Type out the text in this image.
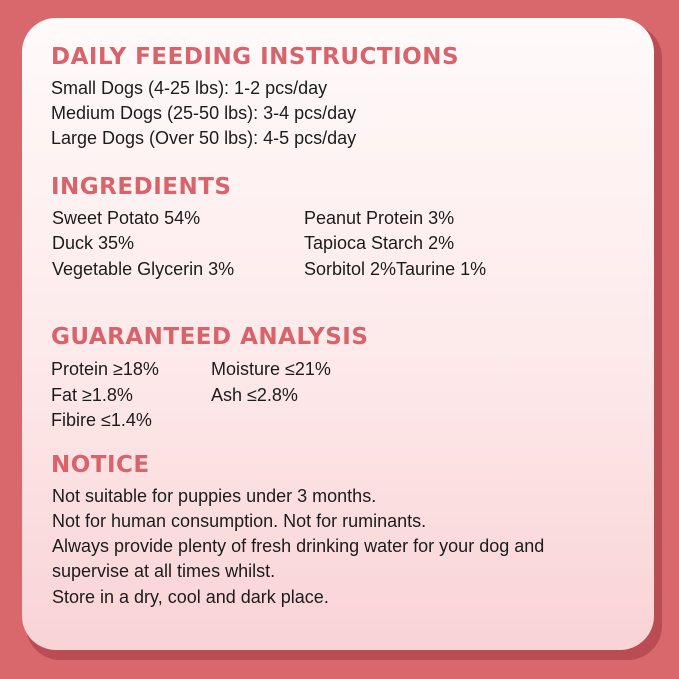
DAILY FEEDING INSTRUCTIONS

Small Dogs (4-25 lbs): 1-2 pcs/day

Medium Dogs (25-50 lbs): 3-4 pcs/day

Large Dogs (Over 50 lbs): 4-5 pcs/day

INGREDIENTS

Sweet Potato 54%

Duck 35%

Vegetable Glycerin 3%

Peanut Protein 3%

Tapioca Starch 2%

Sorbitol 2%Taurine 1%

GUARANTEED ANALYSIS

Protein ≥18%

Fat ≥1.8%

Fibire ≤1.4%

Moisture ≤21%

Ash ≤2.8%

NOTICE

Not suitable for puppies under 3 months.

Not for human consumption. Not for ruminants.

Always provide plenty of fresh drinking water for your dog and

supervise at all times whilst.

Store in a dry, cool and dark place.
